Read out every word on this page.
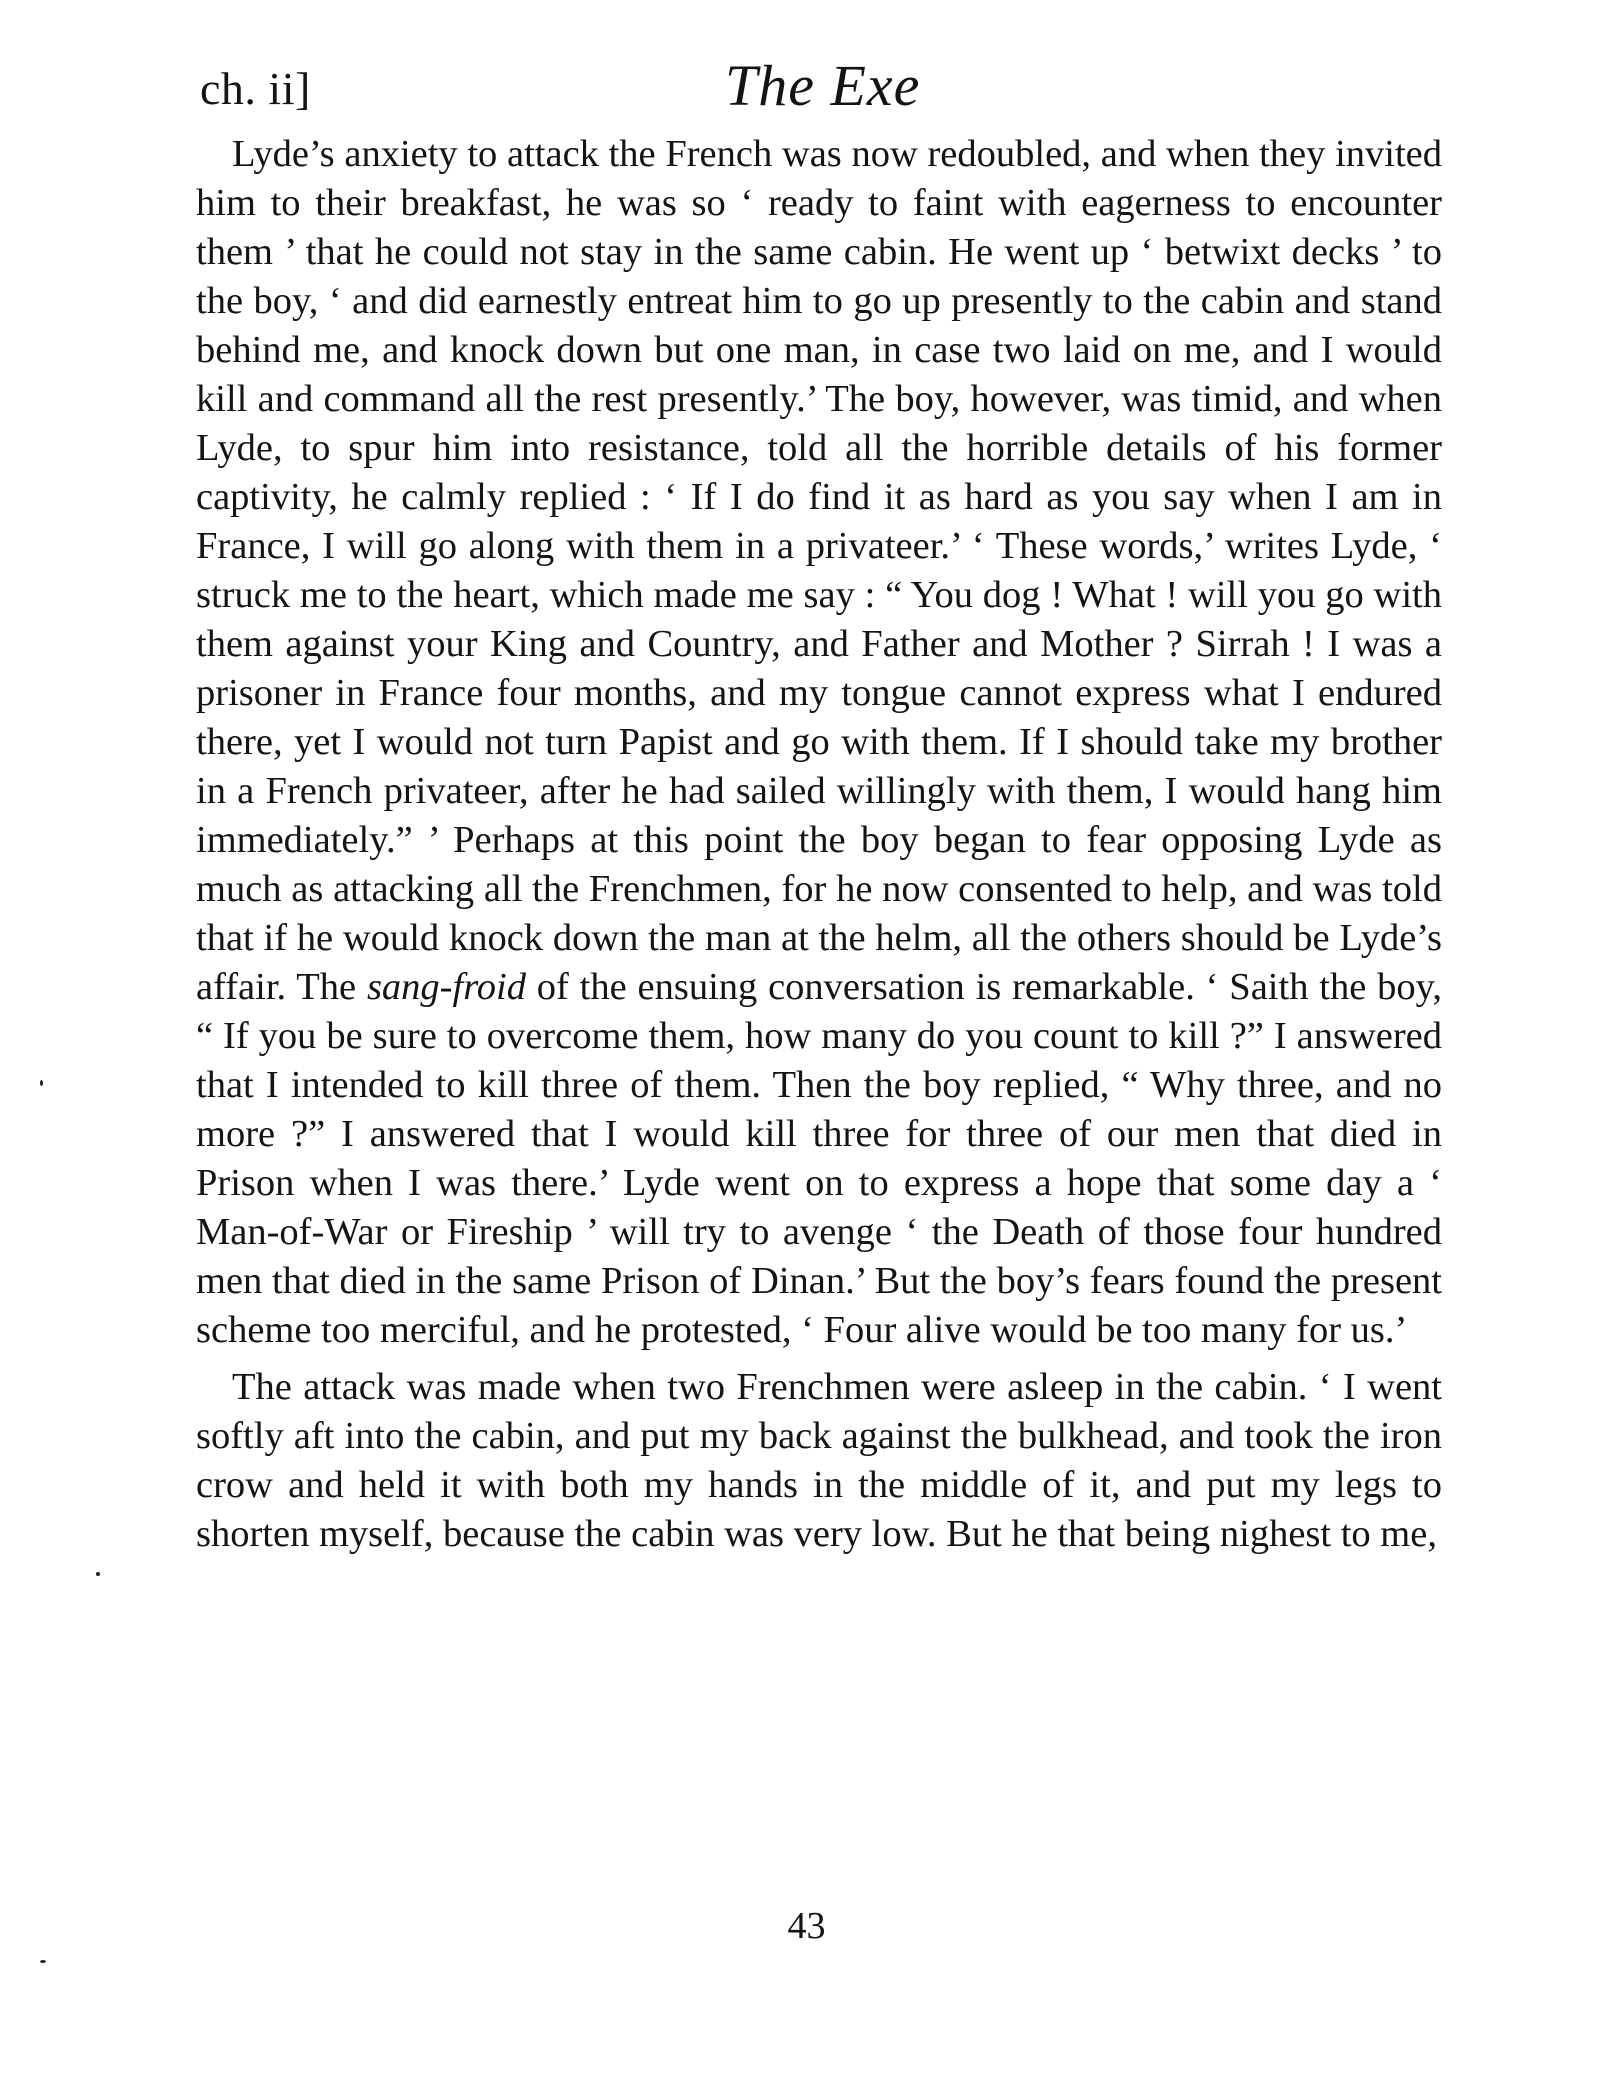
ch. ii]	The Exe

Lyde’s anxiety to attack the French was now redoubled, and when they invited him to their breakfast, he was so ‘ ready to faint with eagerness to encounter them ’ that he could not stay in the same cabin. He went up ‘ betwixt decks ’ to the boy, ‘ and did earnestly entreat him to go up presently to the cabin and stand behind me, and knock down but one man, in case two laid on me, and I would kill and command all the rest presently.’ The boy, however, was timid, and when Lyde, to spur him into resistance, told all the horrible details of his former captivity, he calmly replied : ‘ If I do find it as hard as you say when I am in France, I will go along with them in a privateer.’ ‘ These words,’ writes Lyde, ‘ struck me to the heart, which made me say : “ You dog ! What ! will you go with them against your King and Country, and Father and Mother ? Sirrah ! I was a prisoner in France four months, and my tongue cannot express what I endured there, yet I would not turn Papist and go with them. If I should take my brother in a French privateer, after he had sailed willingly with them, I would hang him immediately.” ’ Perhaps at this point the boy began to fear opposing Lyde as much as attacking all the Frenchmen, for he now consented to help, and was told that if he would knock down the man at the helm, all the others should be Lyde’s affair. The sang-froid of the ensuing conversation is remarkable. ‘ Saith the boy, “ If you be sure to overcome them, how many do you count to kill ?” I answered that I intended to kill three of them. Then the boy replied, “ Why three, and no more ?” I answered that I would kill three for three of our men that died in Prison when I was there.’ Lyde went on to express a hope that some day a ‘ Man-of-War or Fireship ’ will try to avenge ‘ the Death of those four hundred men that died in the same Prison of Dinan.’ But the boy’s fears found the present scheme too merciful, and he protested, ‘ Four alive would be too many for us.’

The attack was made when two Frenchmen were asleep in the cabin. ‘ I went softly aft into the cabin, and put my back against the bulkhead, and took the iron crow and held it with both my hands in the middle of it, and put my legs to shorten myself, because the cabin was very low. But he that being nighest to me,

43
